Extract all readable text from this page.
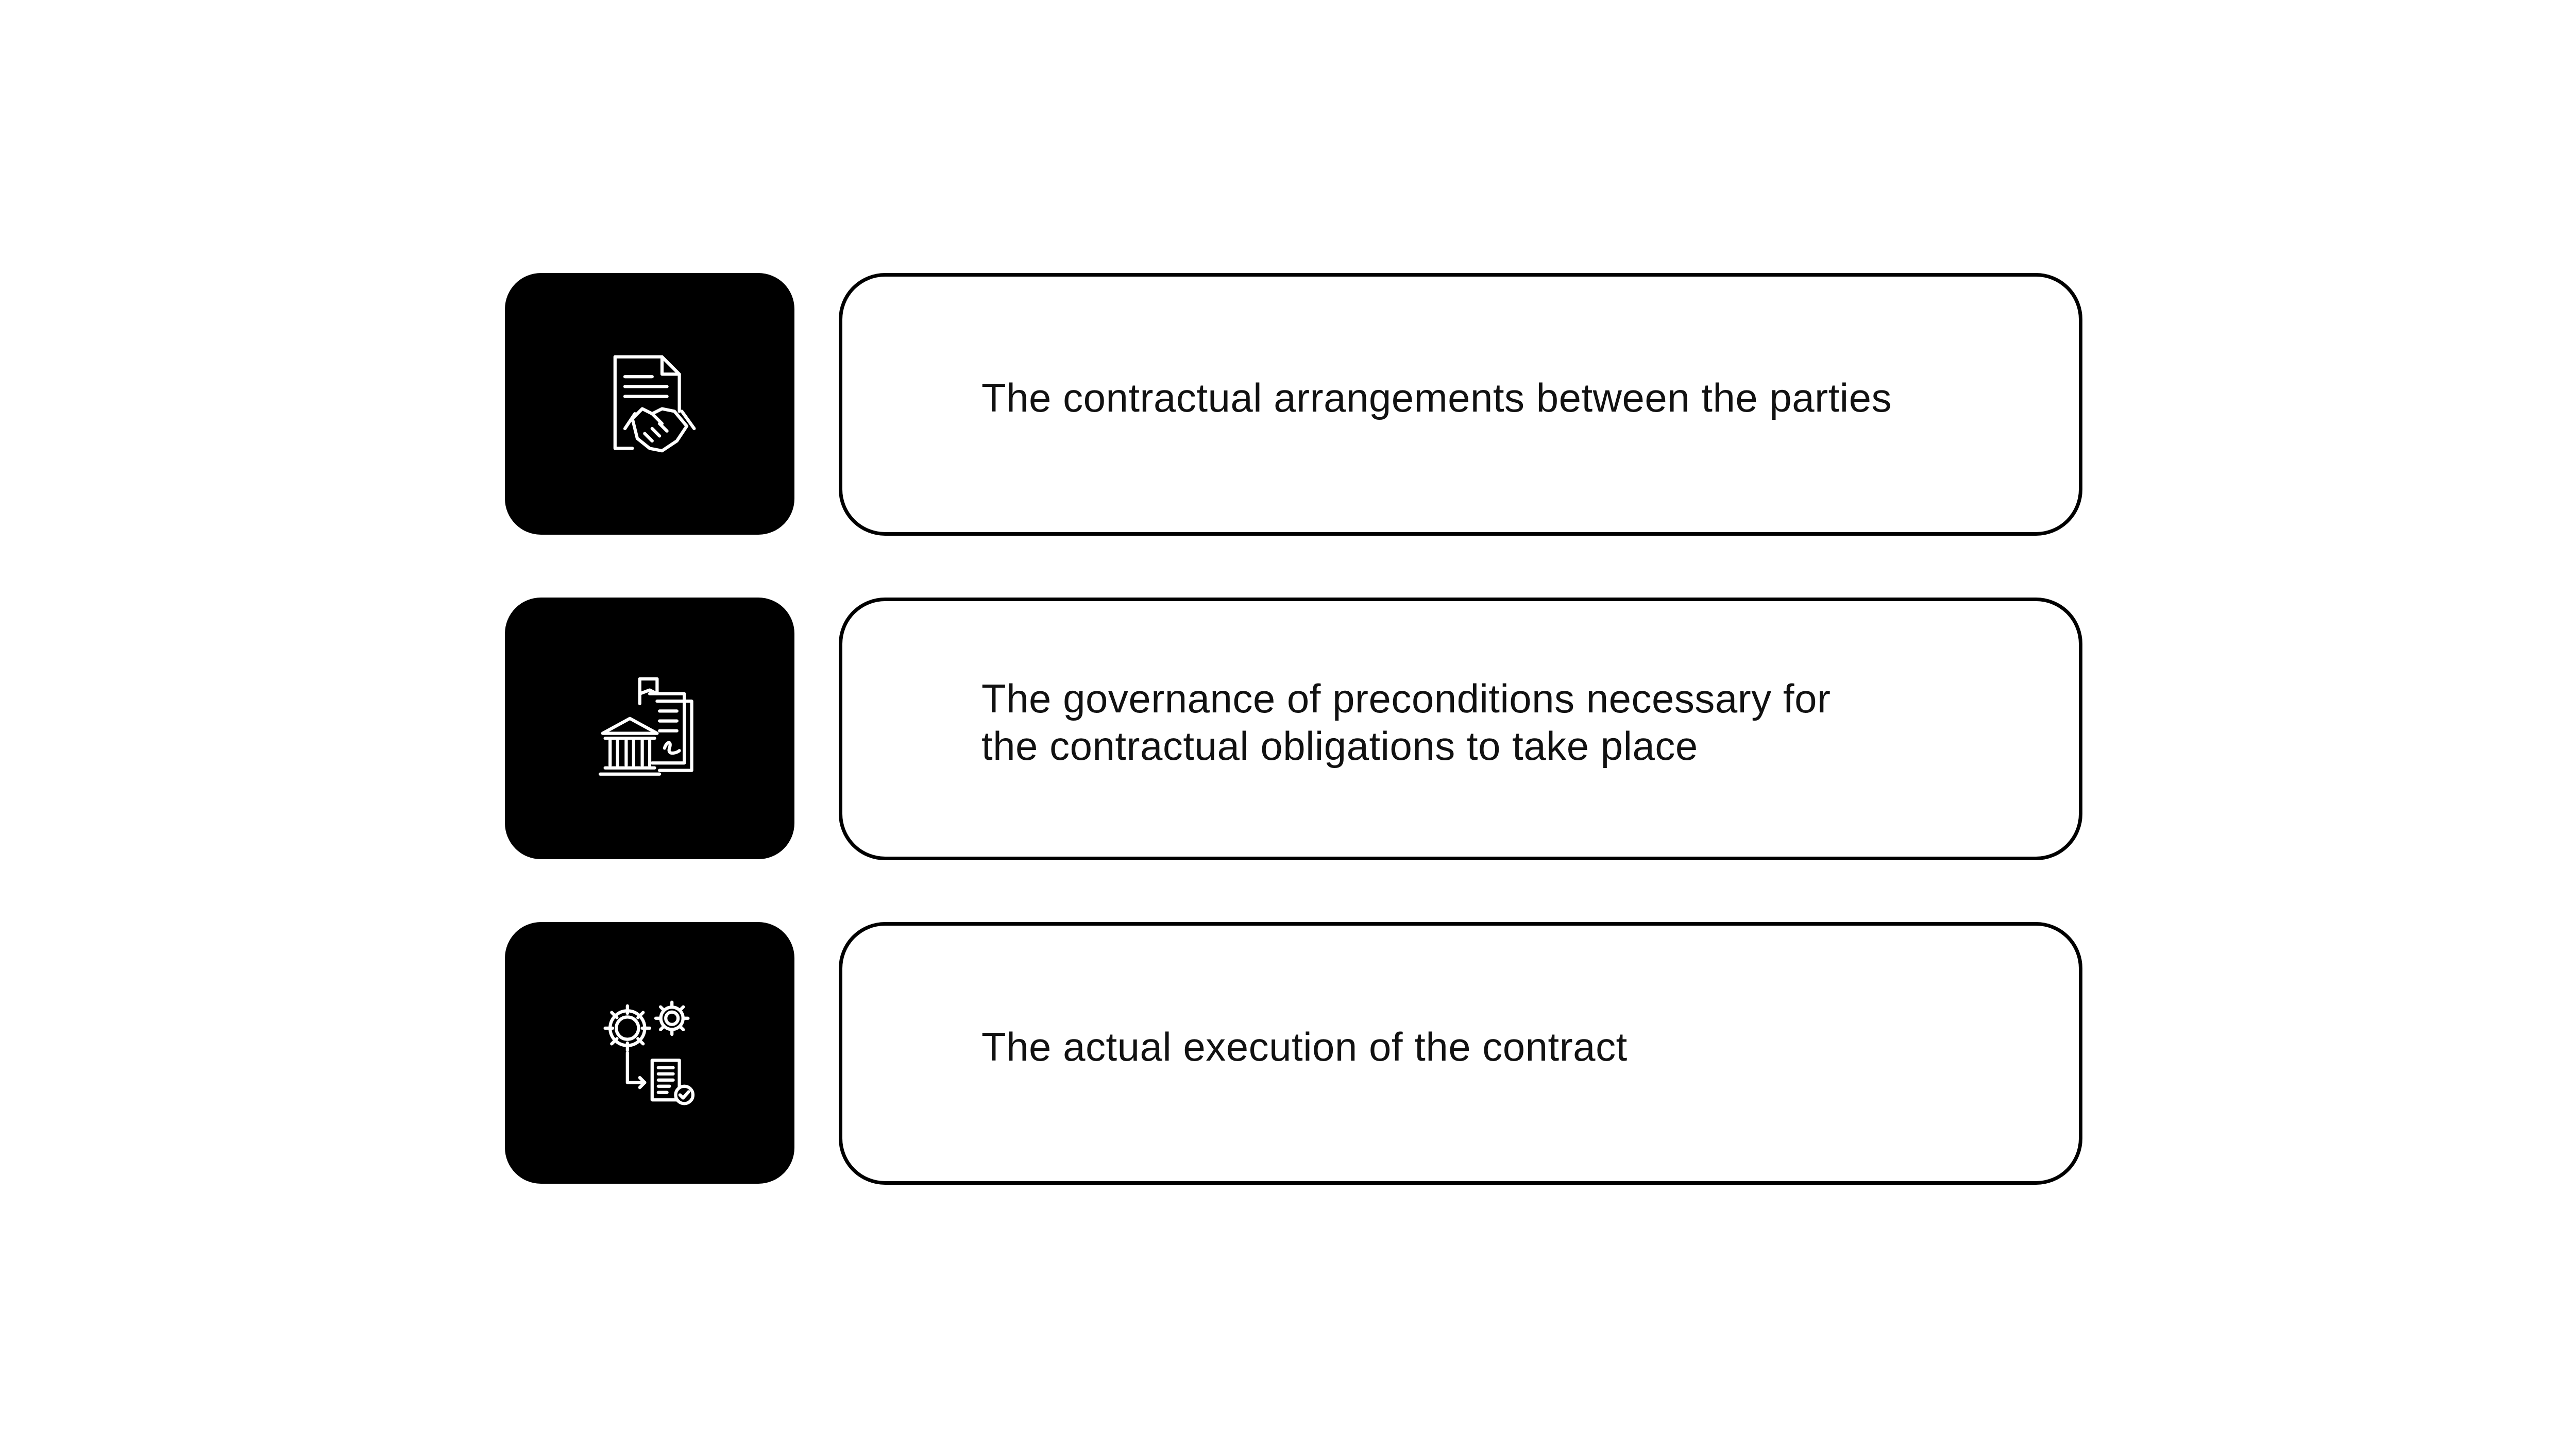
The contractual arrangements between the parties
The governance of preconditions necessary for
the contractual obligations to take place
The actual execution of the contract
